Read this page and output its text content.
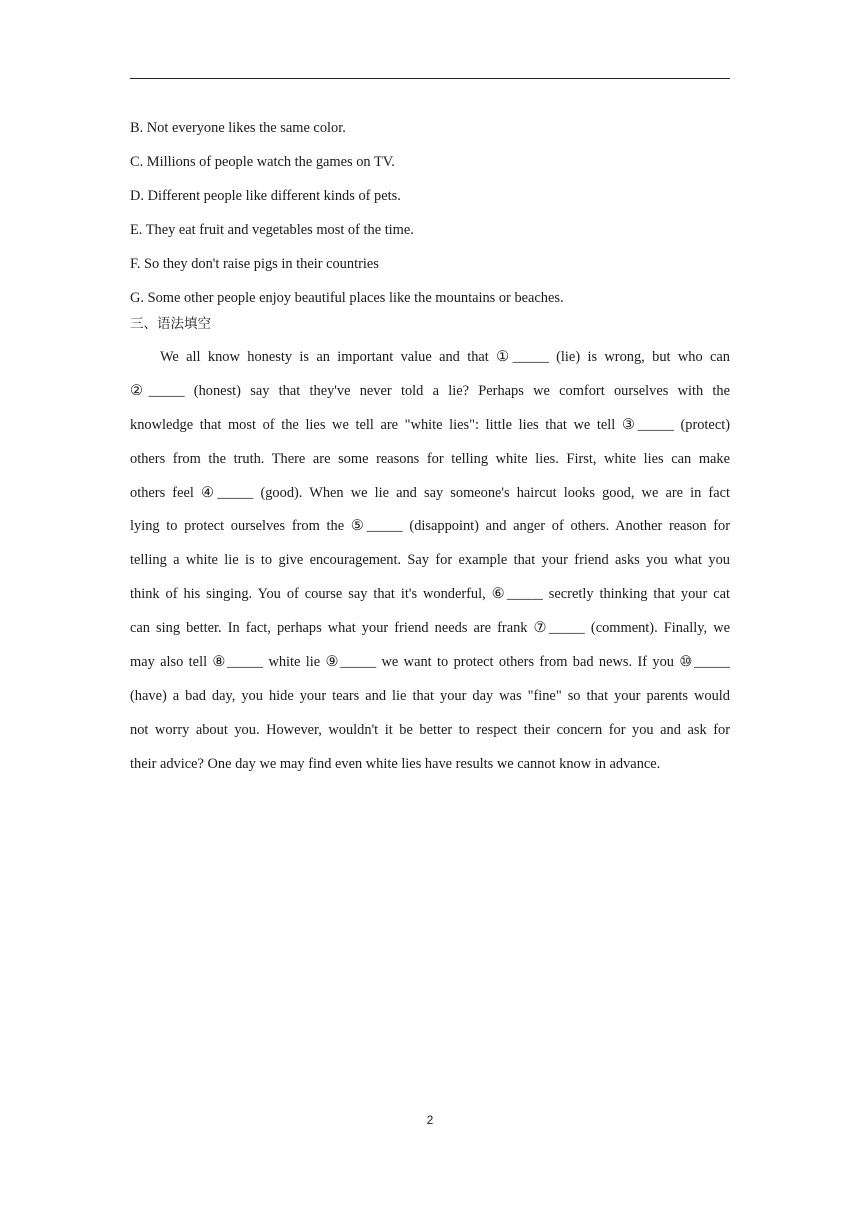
B. Not everyone likes the same color.
C. Millions of people watch the games on TV.
D. Different people like different kinds of pets.
E. They eat fruit and vegetables most of the time.
F. So they don't raise pigs in their countries
G. Some other people enjoy beautiful places like the mountains or beaches.
三、语法填空
We all know honesty is an important value and that ①_____ (lie) is wrong, but who can
②_____ (honest) say that they've never told a lie? Perhaps we comfort ourselves with the
knowledge that most of the lies we tell are "white lies": little lies that we tell ③_____ (protect)
others from the truth. There are some reasons for telling white lies. First, white lies can make
others feel ④_____ (good). When we lie and say someone's haircut looks good, we are in fact
lying to protect ourselves from the ⑤_____ (disappoint) and anger of others. Another reason for
telling a white lie is to give encouragement. Say for example that your friend asks you what you
think of his singing. You of course say that it's wonderful, ⑥_____ secretly thinking that your cat
can sing better. In fact, perhaps what your friend needs are frank ⑦_____ (comment). Finally, we
may also tell ⑧_____ white lie ⑨_____ we want to protect others from bad news. If you ⑩_____
(have) a bad day, you hide your tears and lie that your day was "fine" so that your parents would
not worry about you. However, wouldn't it be better to respect their concern for you and ask for
their advice? One day we may find even white lies have results we cannot know in advance.
2
